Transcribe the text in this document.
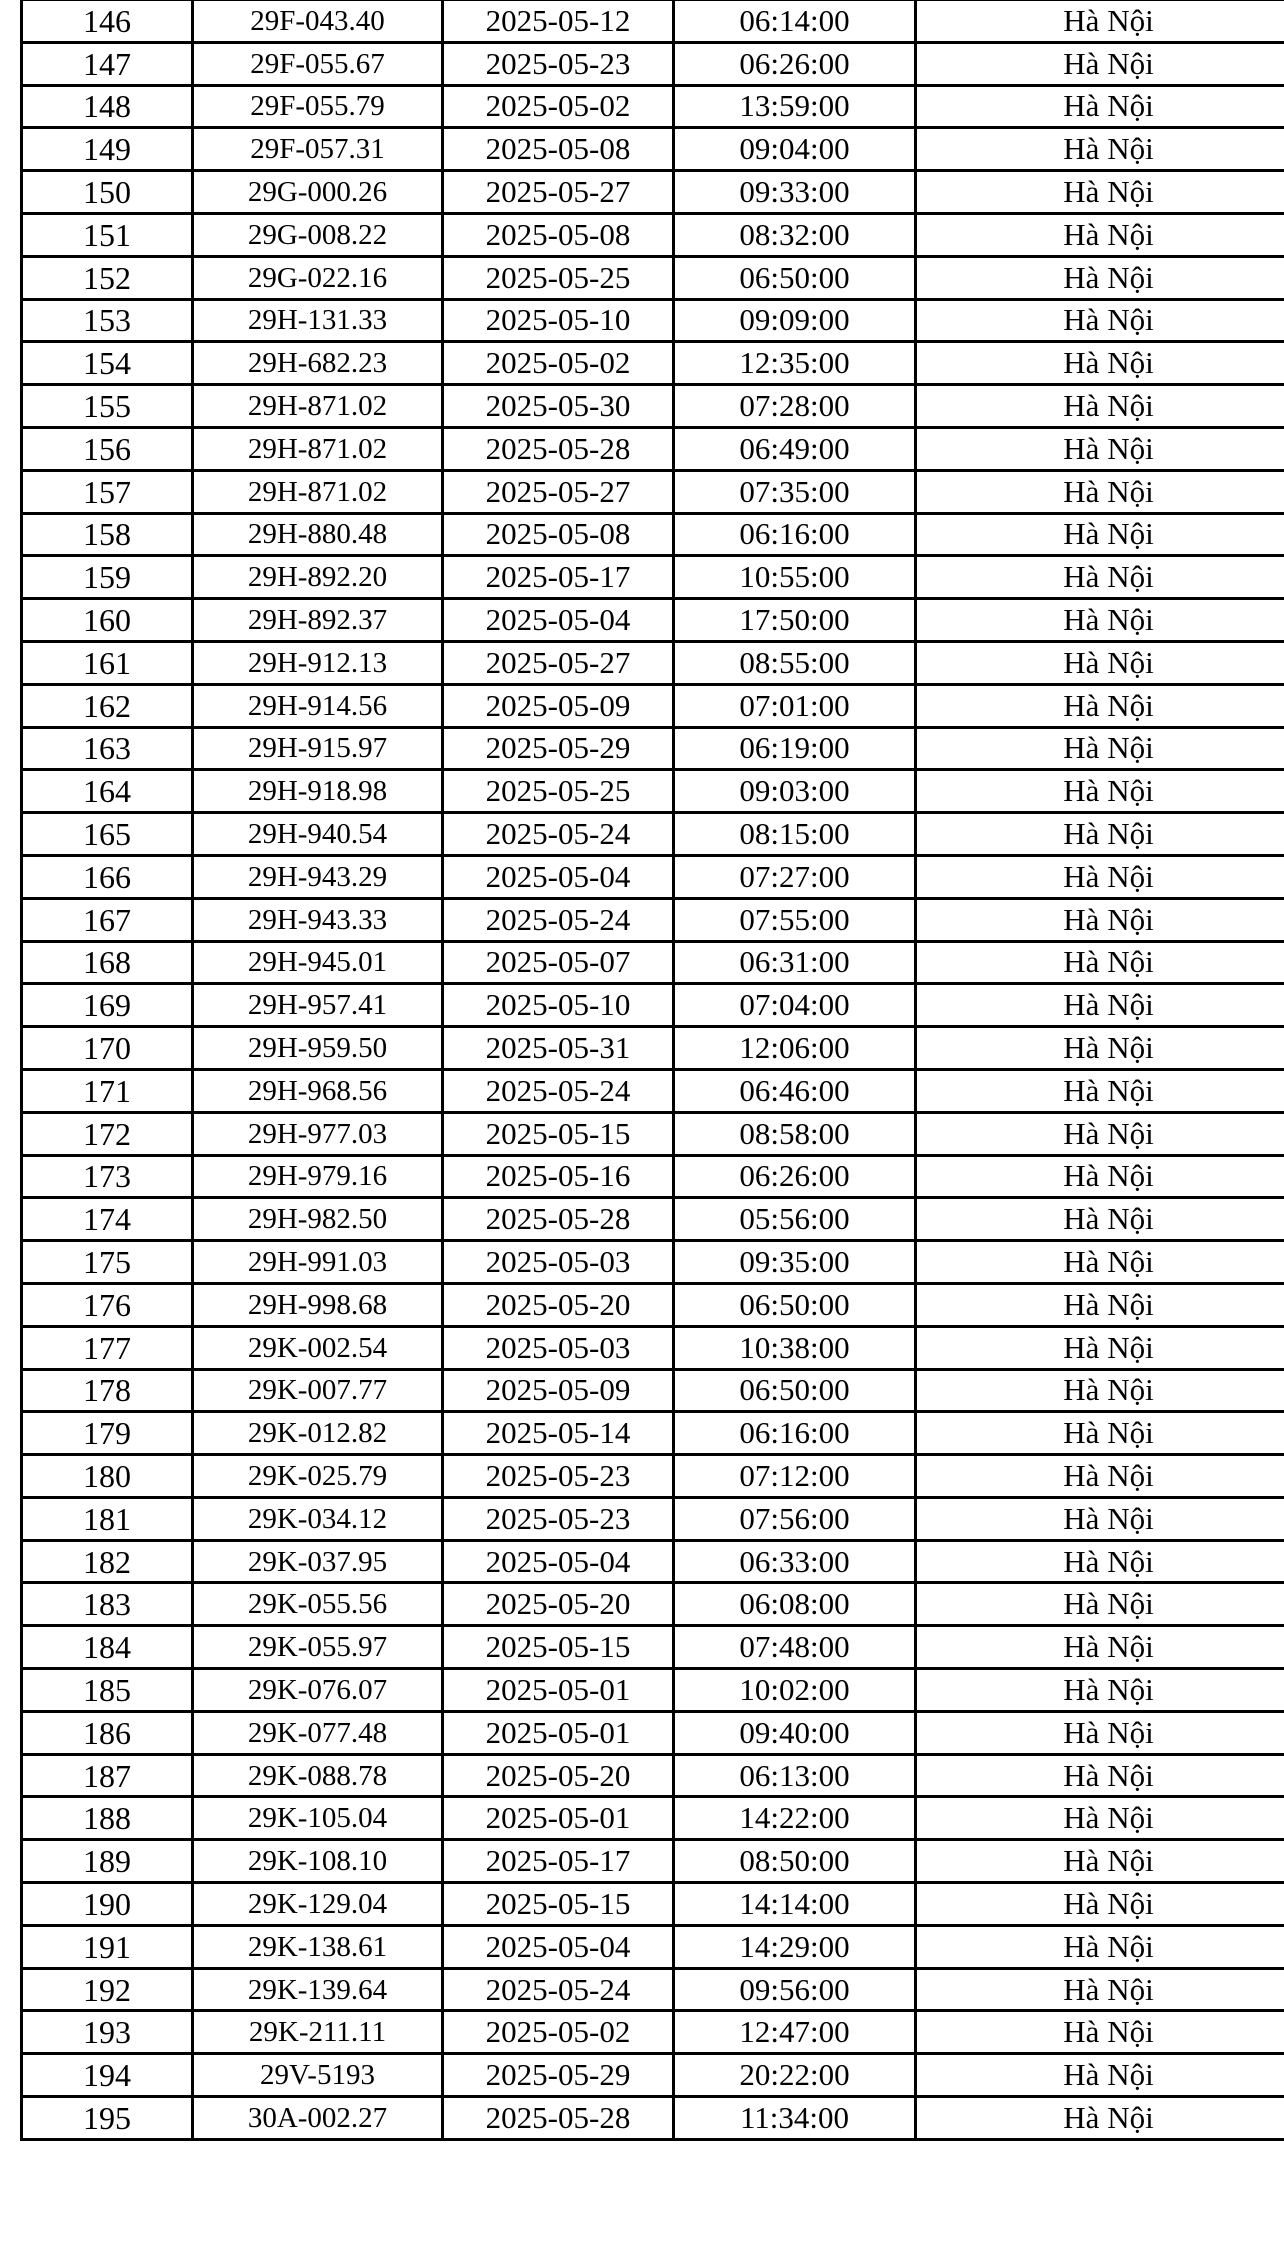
146	29F-043.40	2025-05-12	06:14:00	Hà Nội
147	29F-055.67	2025-05-23	06:26:00	Hà Nội
148	29F-055.79	2025-05-02	13:59:00	Hà Nội
149	29F-057.31	2025-05-08	09:04:00	Hà Nội
150	29G-000.26	2025-05-27	09:33:00	Hà Nội
151	29G-008.22	2025-05-08	08:32:00	Hà Nội
152	29G-022.16	2025-05-25	06:50:00	Hà Nội
153	29H-131.33	2025-05-10	09:09:00	Hà Nội
154	29H-682.23	2025-05-02	12:35:00	Hà Nội
155	29H-871.02	2025-05-30	07:28:00	Hà Nội
156	29H-871.02	2025-05-28	06:49:00	Hà Nội
157	29H-871.02	2025-05-27	07:35:00	Hà Nội
158	29H-880.48	2025-05-08	06:16:00	Hà Nội
159	29H-892.20	2025-05-17	10:55:00	Hà Nội
160	29H-892.37	2025-05-04	17:50:00	Hà Nội
161	29H-912.13	2025-05-27	08:55:00	Hà Nội
162	29H-914.56	2025-05-09	07:01:00	Hà Nội
163	29H-915.97	2025-05-29	06:19:00	Hà Nội
164	29H-918.98	2025-05-25	09:03:00	Hà Nội
165	29H-940.54	2025-05-24	08:15:00	Hà Nội
166	29H-943.29	2025-05-04	07:27:00	Hà Nội
167	29H-943.33	2025-05-24	07:55:00	Hà Nội
168	29H-945.01	2025-05-07	06:31:00	Hà Nội
169	29H-957.41	2025-05-10	07:04:00	Hà Nội
170	29H-959.50	2025-05-31	12:06:00	Hà Nội
171	29H-968.56	2025-05-24	06:46:00	Hà Nội
172	29H-977.03	2025-05-15	08:58:00	Hà Nội
173	29H-979.16	2025-05-16	06:26:00	Hà Nội
174	29H-982.50	2025-05-28	05:56:00	Hà Nội
175	29H-991.03	2025-05-03	09:35:00	Hà Nội
176	29H-998.68	2025-05-20	06:50:00	Hà Nội
177	29K-002.54	2025-05-03	10:38:00	Hà Nội
178	29K-007.77	2025-05-09	06:50:00	Hà Nội
179	29K-012.82	2025-05-14	06:16:00	Hà Nội
180	29K-025.79	2025-05-23	07:12:00	Hà Nội
181	29K-034.12	2025-05-23	07:56:00	Hà Nội
182	29K-037.95	2025-05-04	06:33:00	Hà Nội
183	29K-055.56	2025-05-20	06:08:00	Hà Nội
184	29K-055.97	2025-05-15	07:48:00	Hà Nội
185	29K-076.07	2025-05-01	10:02:00	Hà Nội
186	29K-077.48	2025-05-01	09:40:00	Hà Nội
187	29K-088.78	2025-05-20	06:13:00	Hà Nội
188	29K-105.04	2025-05-01	14:22:00	Hà Nội
189	29K-108.10	2025-05-17	08:50:00	Hà Nội
190	29K-129.04	2025-05-15	14:14:00	Hà Nội
191	29K-138.61	2025-05-04	14:29:00	Hà Nội
192	29K-139.64	2025-05-24	09:56:00	Hà Nội
193	29K-211.11	2025-05-02	12:47:00	Hà Nội
194	29V-5193	2025-05-29	20:22:00	Hà Nội
195	30A-002.27	2025-05-28	11:34:00	Hà Nội
